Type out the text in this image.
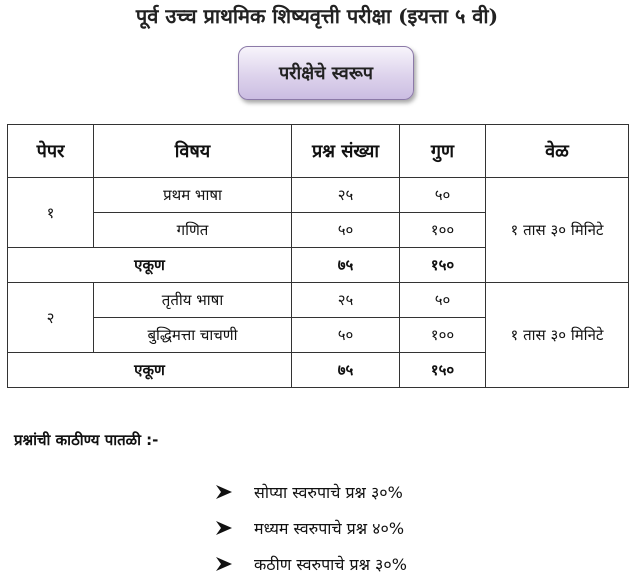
पूर्व उच्च प्राथमिक शिष्यवृत्ती परीक्षा (इयत्ता ५ वी)
परीक्षेचे स्वरूप
पेपर	विषय	प्रश्न संख्या	गुण	वेळ
१	प्रथम भाषा	२५	५०	१ तास ३० मिनिटे
	गणित	५०	१००	
एकूण		७५	१५०	
२	तृतीय भाषा	२५	५०	१ तास ३० मिनिटे
	बुद्धिमत्ता चाचणी	५०	१००	
एकूण		७५	१५०	
प्रश्नांची काठीण्य पातळी :-
सोप्या स्वरुपाचे प्रश्न ३०%
मध्यम स्वरुपाचे प्रश्न ४०%
कठीण स्वरुपाचे प्रश्न ३०%
